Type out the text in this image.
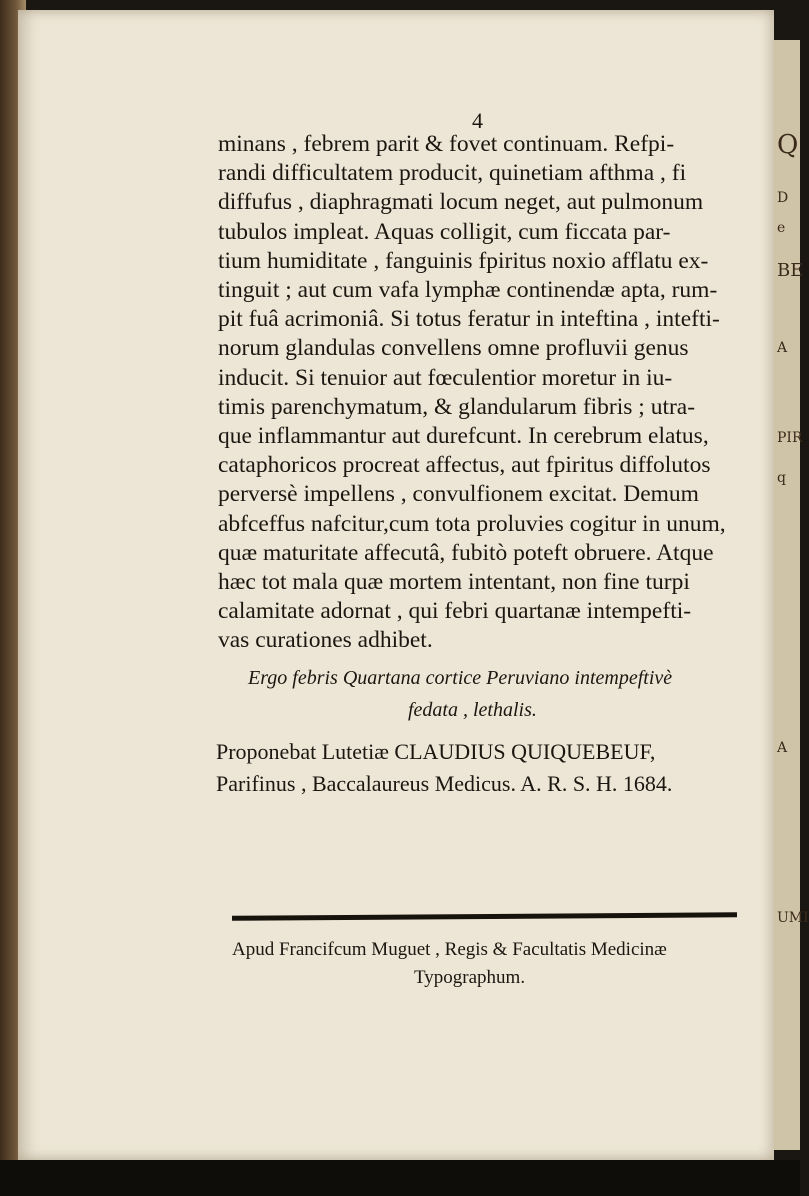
Q
D
e
BE
A
PIR
q
A
UMI
4
minans , febrem parit & fovet continuam. Refpi-
randi difficultatem producit, quinetiam afthma , fi
diffufus , diaphragmati locum neget, aut pulmonum
tubulos impleat. Aquas colligit, cum ficcata par-
tium humiditate , fanguinis fpiritus noxio afflatu ex-
tinguit ; aut cum vafa lymphæ continendæ apta, rum-
pit fuâ acrimoniâ. Si totus feratur in inteftina , intefti-
norum glandulas convellens omne profluvii genus
inducit. Si tenuior aut fœculentior moretur in iu-
timis parenchymatum, & glandularum fibris ; utra-
que inflammantur aut durefcunt. In cerebrum elatus,
cataphoricos procreat affectus, aut fpiritus diffolutos
perversè impellens , convulfionem excitat. Demum
abfceffus nafcitur,cum tota proluvies cogitur in unum,
quæ maturitate affecutâ, fubitò poteft obruere. Atque
hæc tot mala quæ mortem intentant, non fine turpi
calamitate adornat , qui febri quartanæ intempefti-
vas curationes adhibet.
Ergo febris Quartana cortice Peruviano intempeftivè
fedata , lethalis.
Proponebat Lutetiæ CLAUDIUS QUIQUEBEUF,
Parifinus , Baccalaureus Medicus. A. R. S. H. 1684.
Apud Francifcum Muguet , Regis & Facultatis Medicinæ
Typographum.
